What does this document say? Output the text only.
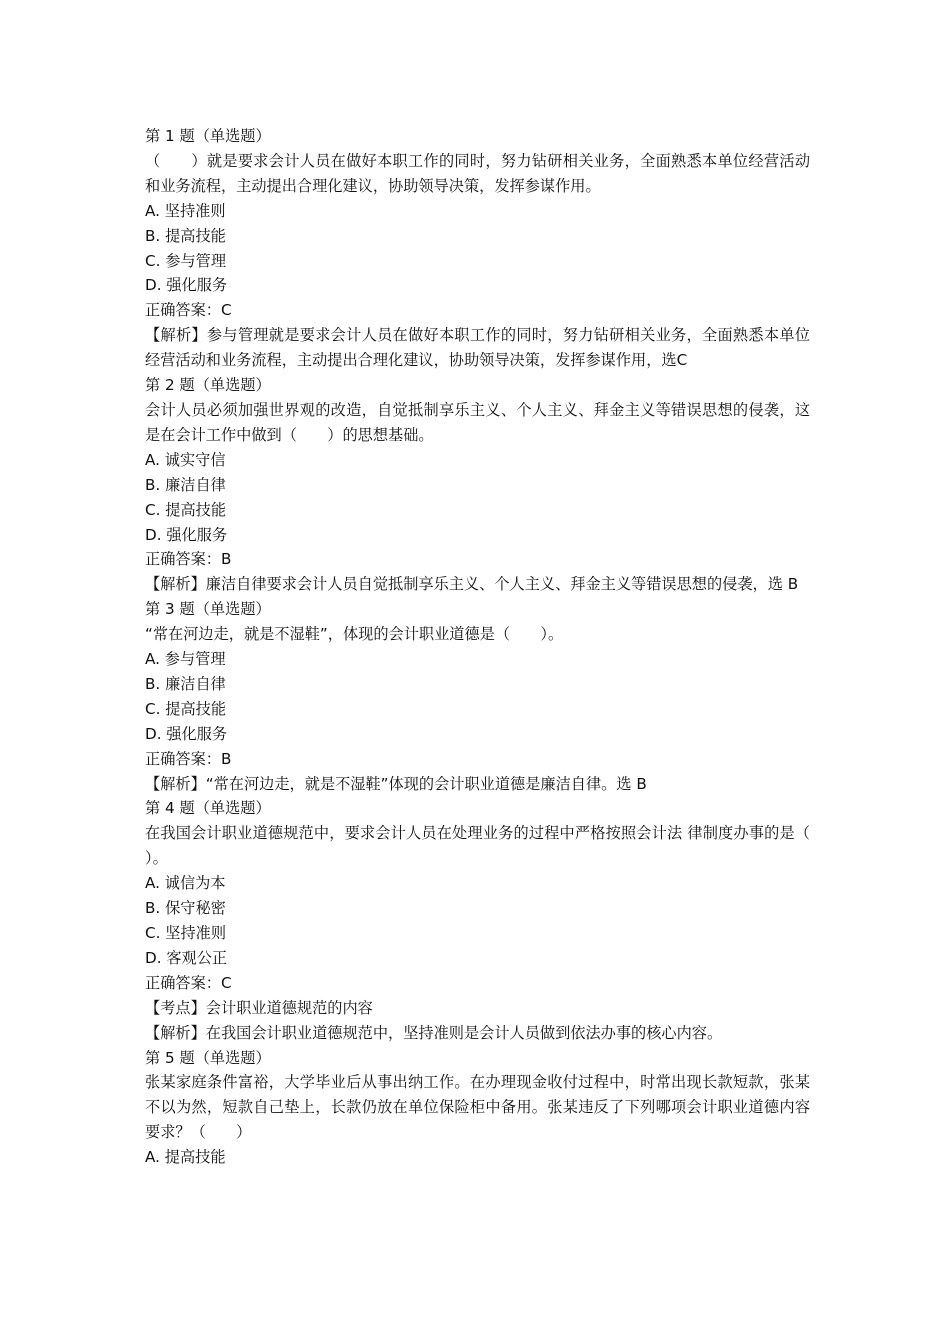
第 1 题（单选题）
（　　）就是要求会计人员在做好本职工作的同时，努力钻研相关业务，全面熟悉本单位经营活动和业务流程，主动提出合理化建议，协助领导决策，发挥参谋作用。
A. 坚持准则
B. 提高技能
C. 参与管理
D. 强化服务
正确答案：C
【解析】参与管理就是要求会计人员在做好本职工作的同时，努力钻研相关业务，全面熟悉本单位经营活动和业务流程，主动提出合理化建议，协助领导决策，发挥参谋作用，选C
第 2 题（单选题）
会计人员必须加强世界观的改造，自觉抵制享乐主义、个人主义、拜金主义等错误思想的侵袭，这是在会计工作中做到（　　）的思想基础。
A. 诚实守信
B. 廉洁自律
C. 提高技能
D. 强化服务
正确答案：B
【解析】廉洁自律要求会计人员自觉抵制享乐主义、个人主义、拜金主义等错误思想的侵袭，选 B
第 3 题（单选题）
“常在河边走，就是不湿鞋”，体现的会计职业道德是（　　）。
A. 参与管理
B. 廉洁自律
C. 提高技能
D. 强化服务
正确答案：B
【解析】“常在河边走，就是不湿鞋”体现的会计职业道德是廉洁自律。选 B
第 4 题（单选题）
在我国会计职业道德规范中，要求会计人员在处理业务的过程中严格按照会计法 律制度办事的是（　　）。
A. 诚信为本
B. 保守秘密
C. 坚持准则
D. 客观公正
正确答案：C
【考点】会计职业道德规范的内容
【解析】在我国会计职业道德规范中，坚持准则是会计人员做到依法办事的核心内容。
第 5 题（单选题）
张某家庭条件富裕，大学毕业后从事出纳工作。在办理现金收付过程中，时常出现长款短款，张某不以为然，短款自己垫上，长款仍放在单位保险柜中备用。张某违反了下列哪项会计职业道德内容要求？（　　）
A. 提高技能
